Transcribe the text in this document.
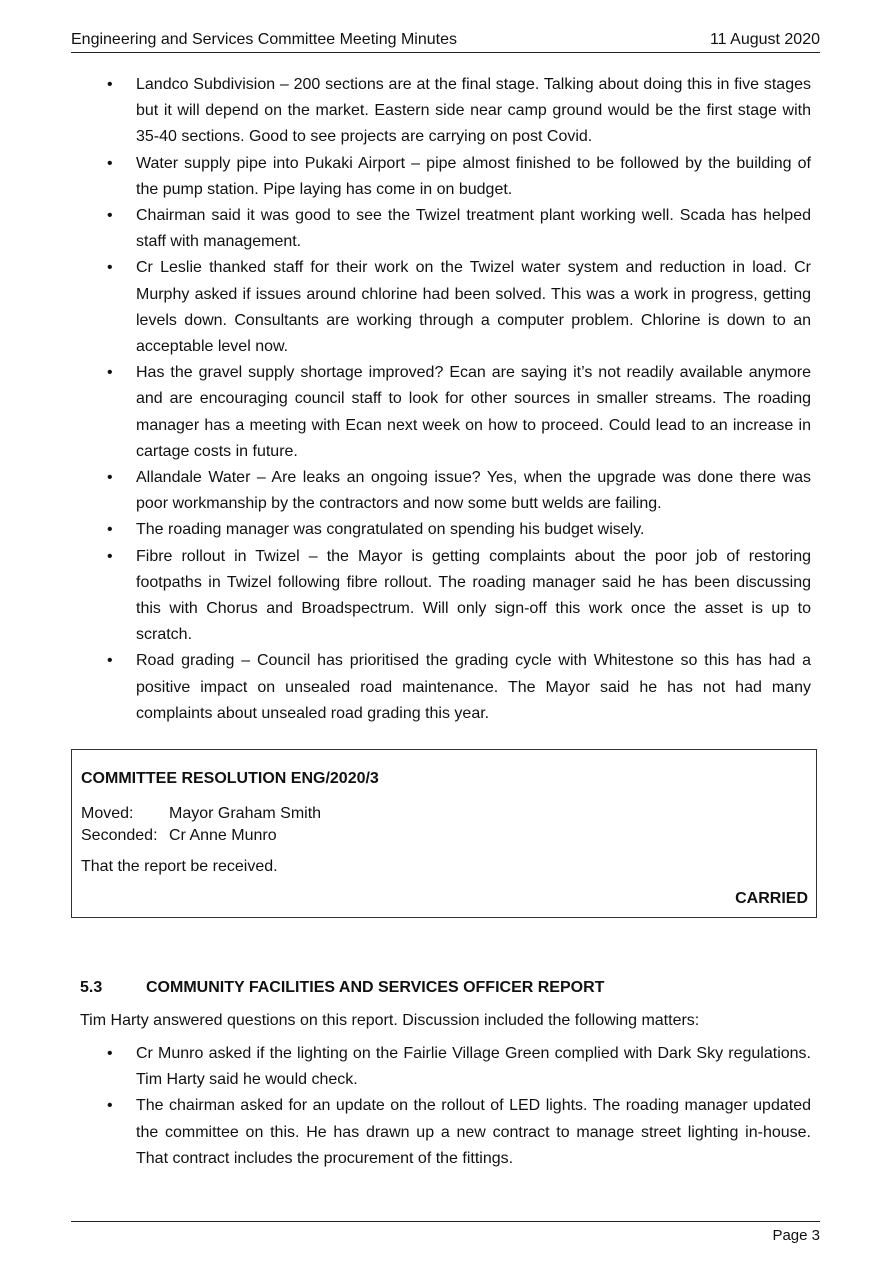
Engineering and Services Committee Meeting Minutes	11 August 2020
• Landco Subdivision – 200 sections are at the final stage. Talking about doing this in five stages but it will depend on the market. Eastern side near camp ground would be the first stage with 35-40 sections. Good to see projects are carrying on post Covid.
• Water supply pipe into Pukaki Airport – pipe almost finished to be followed by the building of the pump station. Pipe laying has come in on budget.
• Chairman said it was good to see the Twizel treatment plant working well. Scada has helped staff with management.
• Cr Leslie thanked staff for their work on the Twizel water system and reduction in load. Cr Murphy asked if issues around chlorine had been solved. This was a work in progress, getting levels down. Consultants are working through a computer problem. Chlorine is down to an acceptable level now.
• Has the gravel supply shortage improved? Ecan are saying it’s not readily available anymore and are encouraging council staff to look for other sources in smaller streams. The roading manager has a meeting with Ecan next week on how to proceed. Could lead to an increase in cartage costs in future.
• Allandale Water – Are leaks an ongoing issue? Yes, when the upgrade was done there was poor workmanship by the contractors and now some butt welds are failing.
• The roading manager was congratulated on spending his budget wisely.
• Fibre rollout in Twizel – the Mayor is getting complaints about the poor job of restoring footpaths in Twizel following fibre rollout. The roading manager said he has been discussing this with Chorus and Broadspectrum. Will only sign-off this work once the asset is up to scratch.
• Road grading – Council has prioritised the grading cycle with Whitestone so this has had a positive impact on unsealed road maintenance. The Mayor said he has not had many complaints about unsealed road grading this year.
COMMITTEE RESOLUTION ENG/2020/3
Moved: Mayor Graham Smith
Seconded: Cr Anne Munro
That the report be received.
CARRIED
5.3	COMMUNITY FACILITIES AND SERVICES OFFICER REPORT
Tim Harty answered questions on this report. Discussion included the following matters:
• Cr Munro asked if the lighting on the Fairlie Village Green complied with Dark Sky regulations. Tim Harty said he would check.
• The chairman asked for an update on the rollout of LED lights. The roading manager updated the committee on this. He has drawn up a new contract to manage street lighting in-house. That contract includes the procurement of the fittings.
Page 3
